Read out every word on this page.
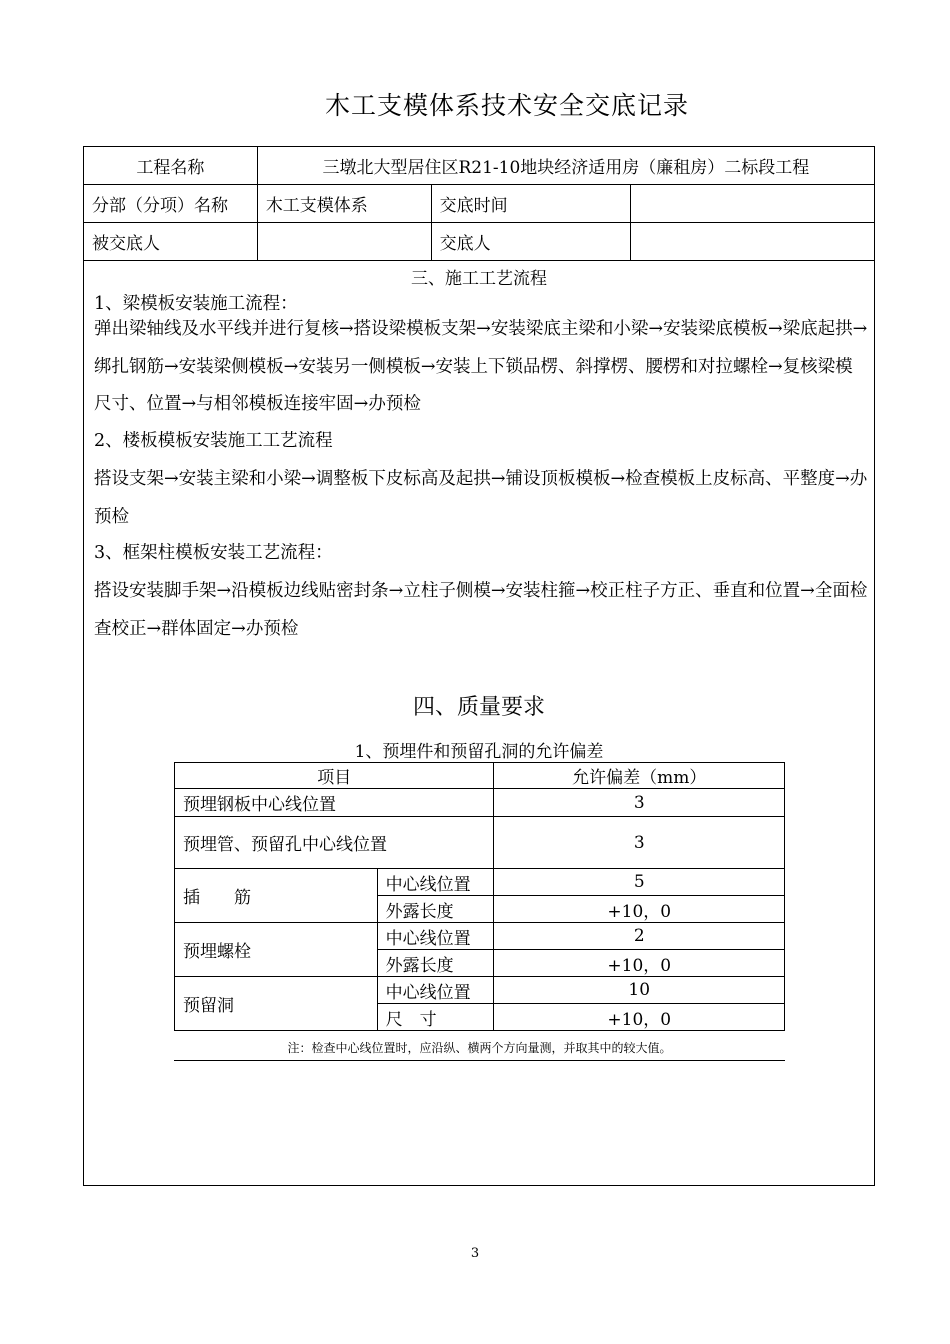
木工支模体系技术安全交底记录
工程名称	三墩北大型居住区R21-10地块经济适用房（廉租房）二标段工程		
分部（分项）名称	木工支模体系	交底时间	
被交底人		交底人	
三、施工工艺流程
1、梁模板安装施工流程：
弹出梁轴线及水平线并进行复核→搭设梁模板支架→安装梁底主梁和小梁→安装梁底模板→梁底起拱→绑扎钢筋→安装梁侧模板→安装另一侧模板→安装上下锁品楞、斜撑楞、腰楞和对拉螺栓→复核梁模尺寸、位置→与相邻模板连接牢固→办预检
2、楼板模板安装施工工艺流程
搭设支架→安装主梁和小梁→调整板下皮标高及起拱→铺设顶板模板→检查模板上皮标高、平整度→办预检
3、框架柱模板安装工艺流程：
搭设安装脚手架→沿模板边线贴密封条→立柱子侧模→安装柱箍→校正柱子方正、垂直和位置→全面检查校正→群体固定→办预检
四、质量要求
1、预埋件和预留孔洞的允许偏差
项目		允许偏差（mm）
预埋钢板中心线位置		3
预埋管、预留孔中心线位置		3
插　　筋	中心线位置	5
	外露长度	+10，0
预埋螺栓	中心线位置	2
	外露长度	+10，0
预留洞	中心线位置	10
	尺　寸	+10，0
注：检查中心线位置时，应沿纵、横两个方向量测，并取其中的较大值。
3
